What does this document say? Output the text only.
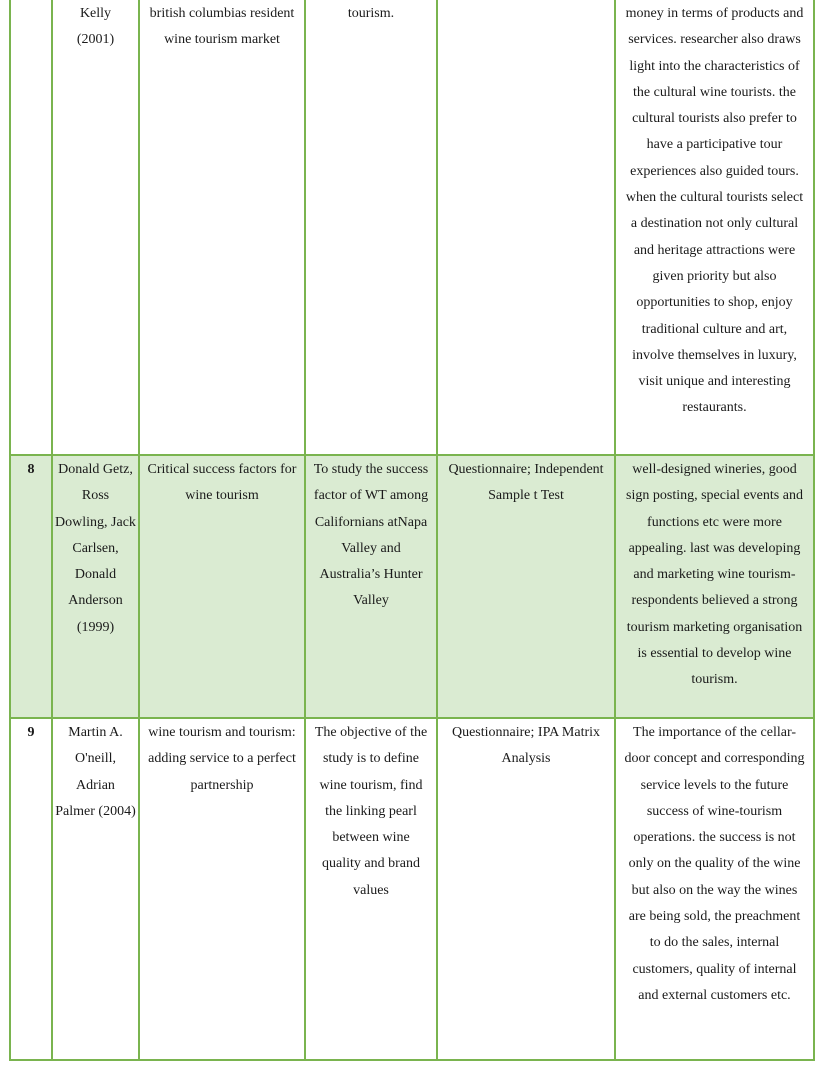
	Kelly (2001)	british columbias resident wine tourism market	tourism.		money in terms of products and services. researcher also draws light into the characteristics of the cultural wine tourists. the cultural tourists also prefer to have a participative tour experiences also guided tours. when the cultural tourists select a destination not only cultural and heritage attractions were given priority but also opportunities to shop, enjoy traditional culture and art, involve themselves in luxury, visit unique and interesting restaurants.
8	Donald Getz, Ross Dowling, Jack Carlsen, Donald Anderson (1999)	Critical success factors for wine tourism	To study the success factor of WT among Californians atNapa Valley and Australia’s Hunter Valley	Questionnaire; Independent Sample t Test	well-designed wineries, good sign posting, special events and functions etc were more appealing. last was developing and marketing wine tourism- respondents believed a strong tourism marketing organisation is essential to develop wine tourism.
9	Martin A. O'neill, Adrian Palmer (2004)	wine tourism and tourism: adding service to a perfect partnership	The objective of the study is to define wine tourism, find the linking pearl between wine quality and brand values	Questionnaire; IPA Matrix Analysis	The importance of the cellar-door concept and corresponding service levels to the future success of wine-tourism operations. the success is not only on the quality of the wine but also on the way the wines are being sold, the preachment to do the sales, internal customers, quality of internal and external customers etc.
